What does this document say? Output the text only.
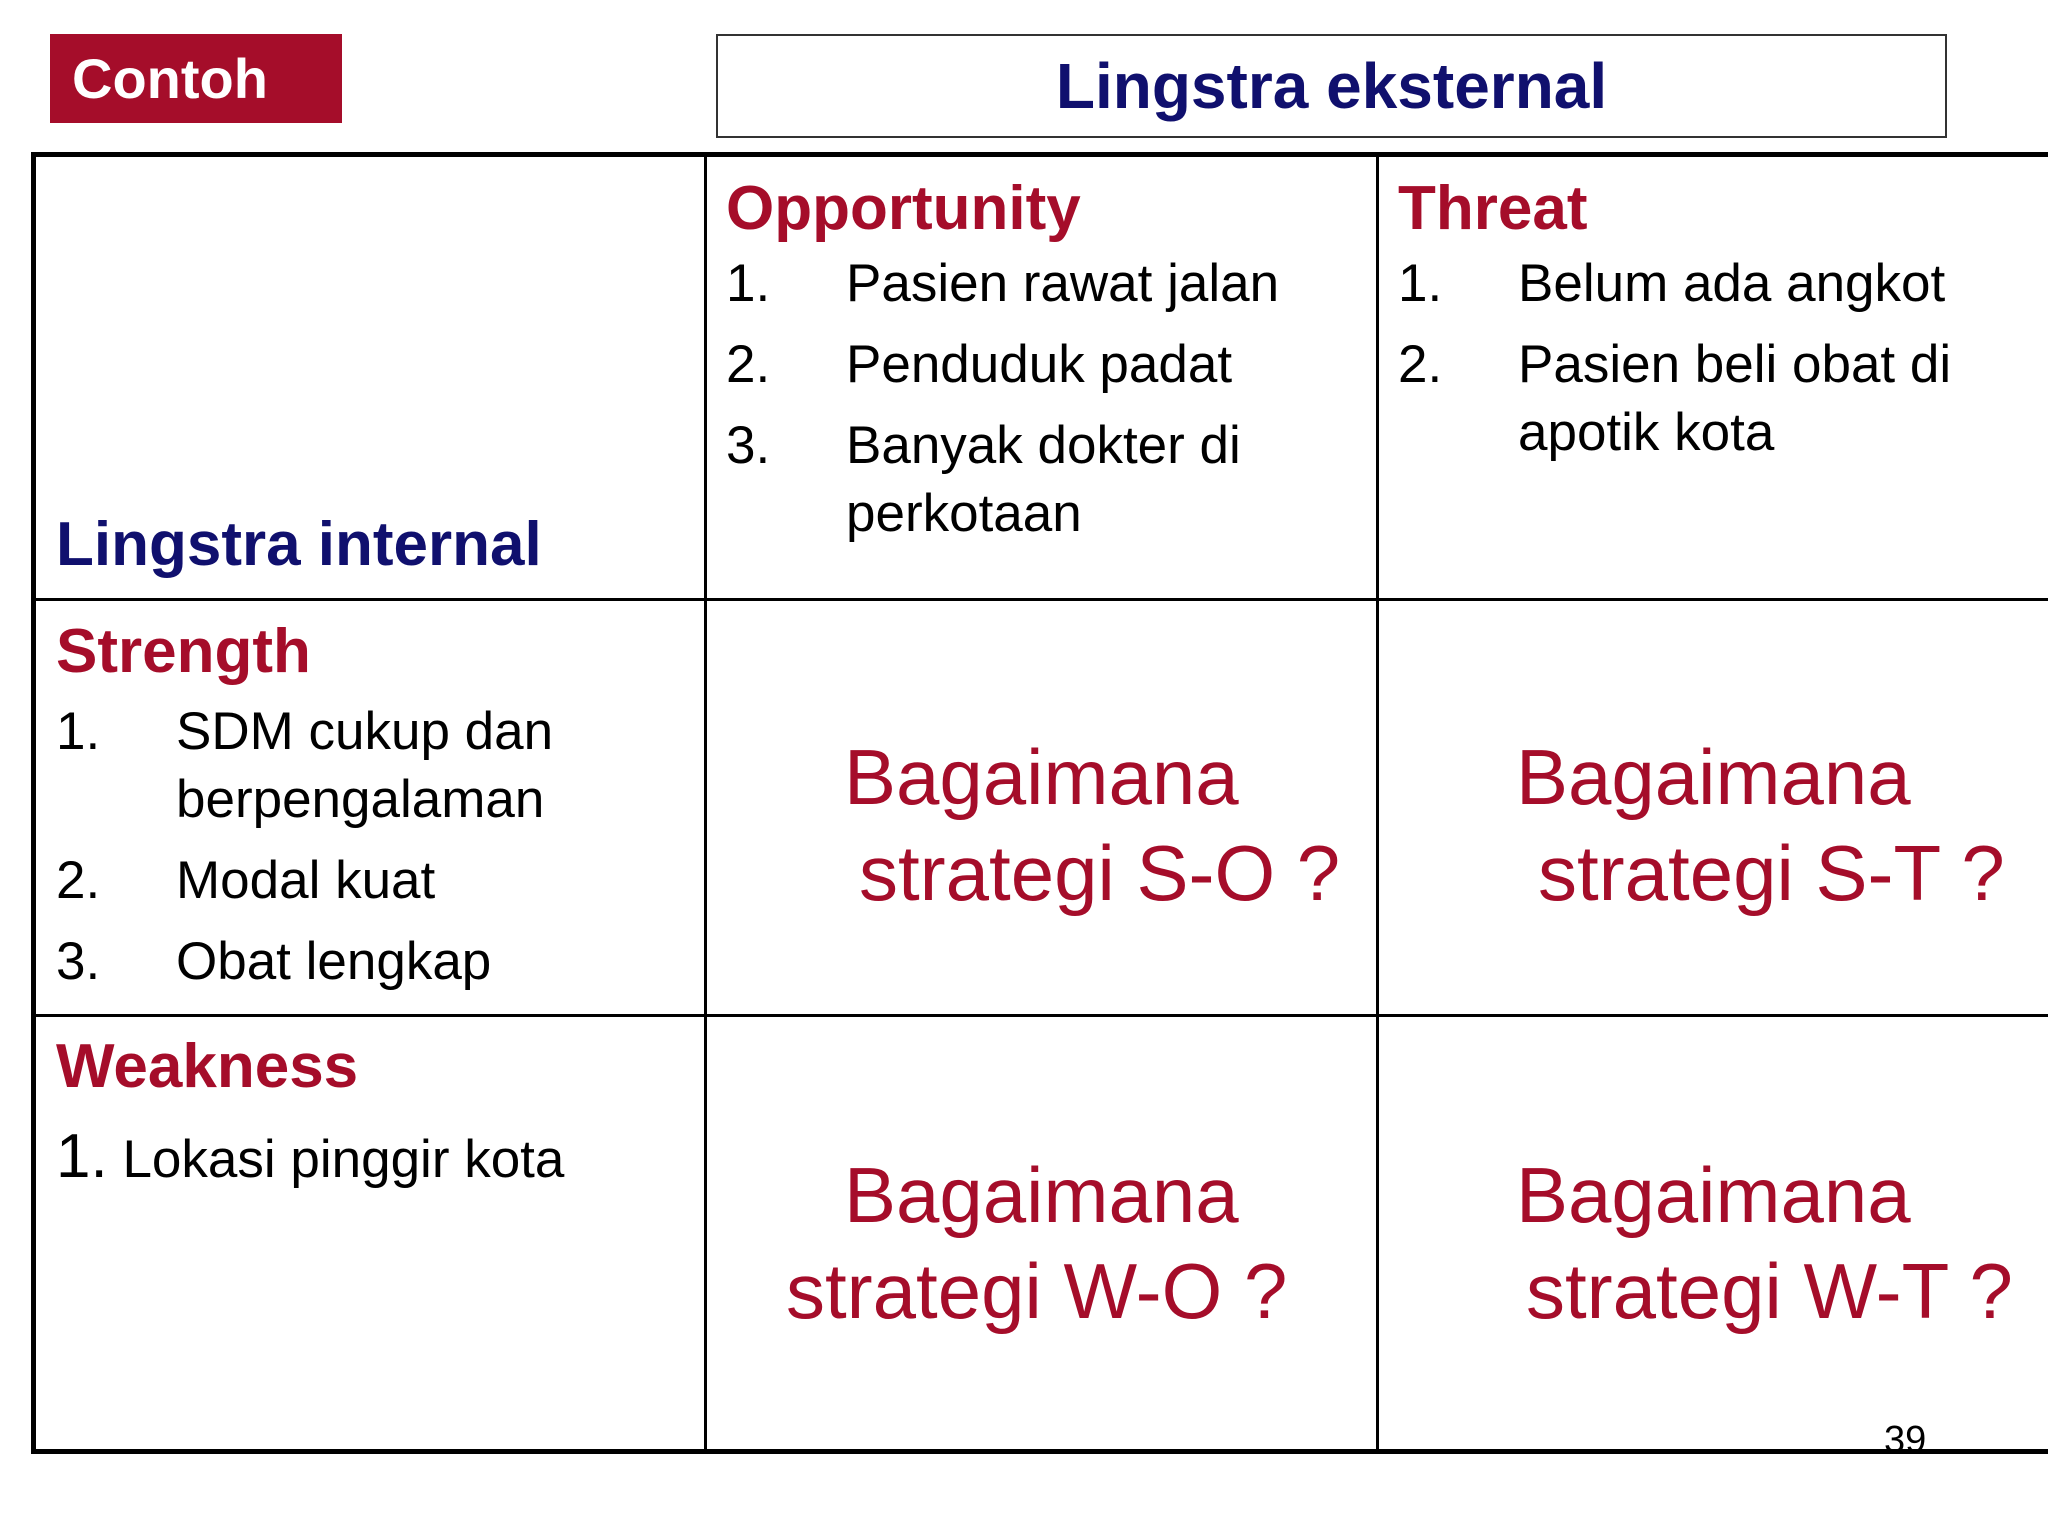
Contoh	Lingstra eksternal
Lingstra internal
Opportunity
1. Pasien rawat jalan
2. Penduduk padat
3. Banyak dokter di perkotaan
Threat
1. Belum ada angkot
2. Pasien beli obat di apotik kota
Strength
1. SDM cukup dan berpengalaman
2. Modal kuat
3. Obat lengkap
Weakness
1. Lokasi pinggir kota
Bagaimana
strategi S-O ?
Bagaimana
strategi S-T ?
Bagaimana
strategi W-O ?
Bagaimana
strategi W-T ?
39
